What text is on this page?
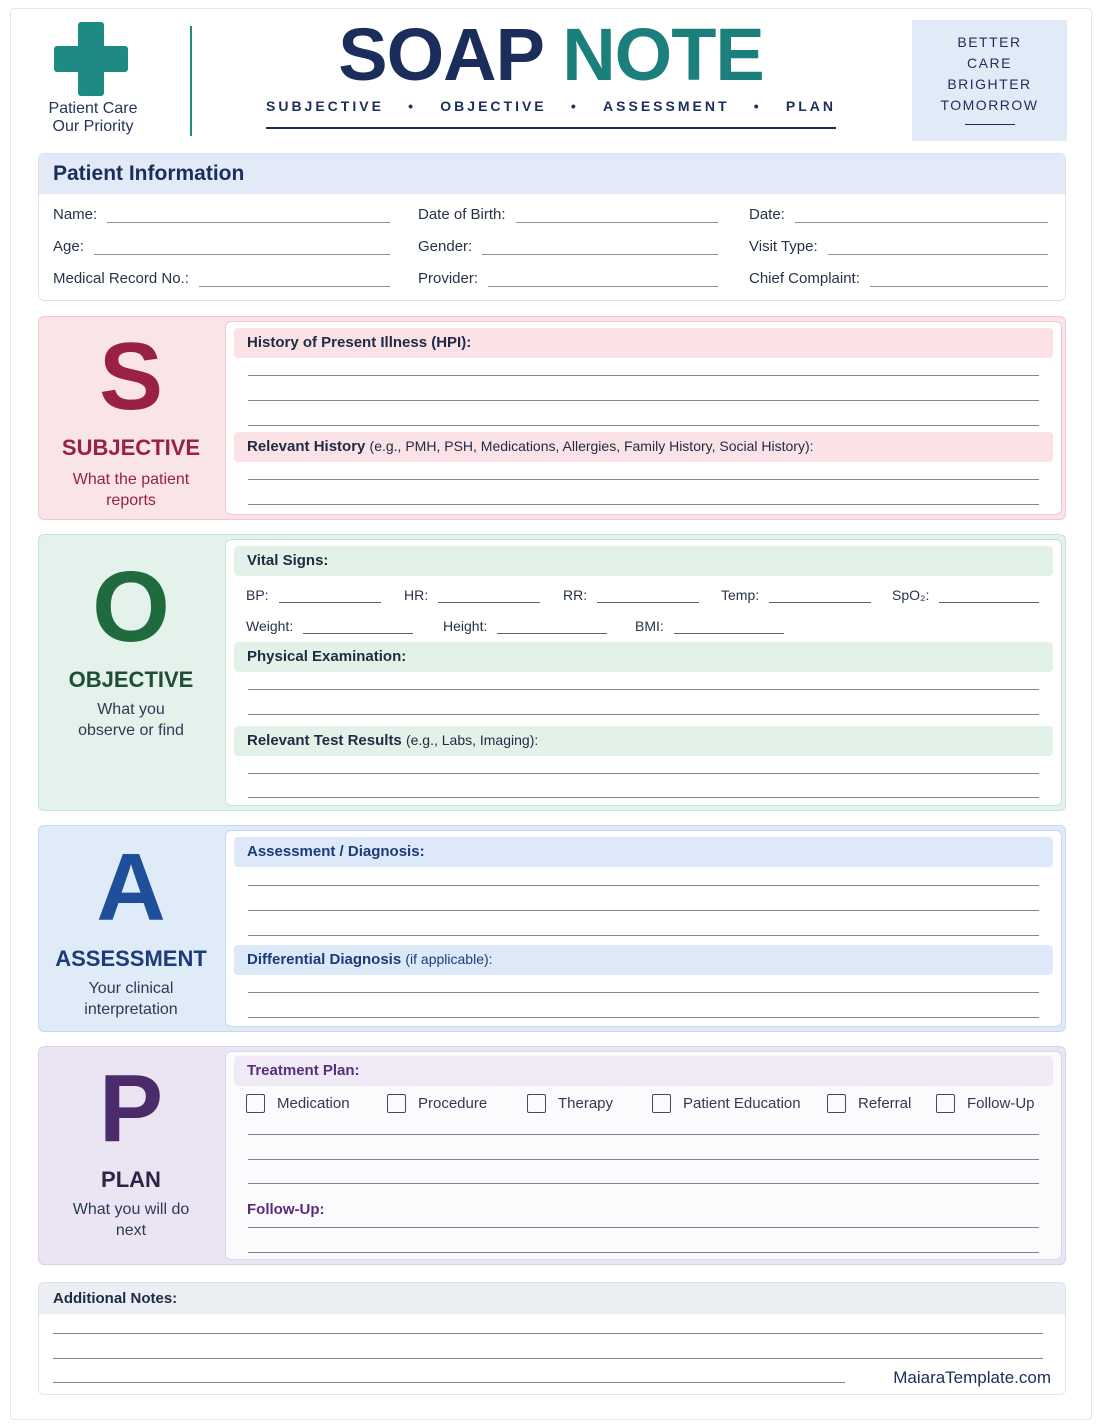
Patient Care
Our Priority
SOAP NOTE
SUBJECTIVE • OBJECTIVE • ASSESSMENT • PLAN
BETTER
CARE
BRIGHTER
TOMORROW
Patient Information
Name:	Date of Birth:	Date:
Age:	Gender:	Visit Type:
Medical Record No.:	Provider:	Chief Complaint:
S
SUBJECTIVE
What the patient
reports
History of Present Illness (HPI):
Relevant History (e.g., PMH, PSH, Medications, Allergies, Family History, Social History):
O
OBJECTIVE
What you
observe or find
Vital Signs:
BP:	HR:	RR:	Temp:	SpO₂:
Weight:	Height:	BMI:
Physical Examination:
Relevant Test Results (e.g., Labs, Imaging):
A
ASSESSMENT
Your clinical
interpretation
Assessment / Diagnosis:
Differential Diagnosis (if applicable):
P
PLAN
What you will do
next
Treatment Plan:
Medication	Procedure	Therapy	Patient Education	Referral	Follow-Up
Follow-Up:
Additional Notes:
MaiaraTemplate.com
